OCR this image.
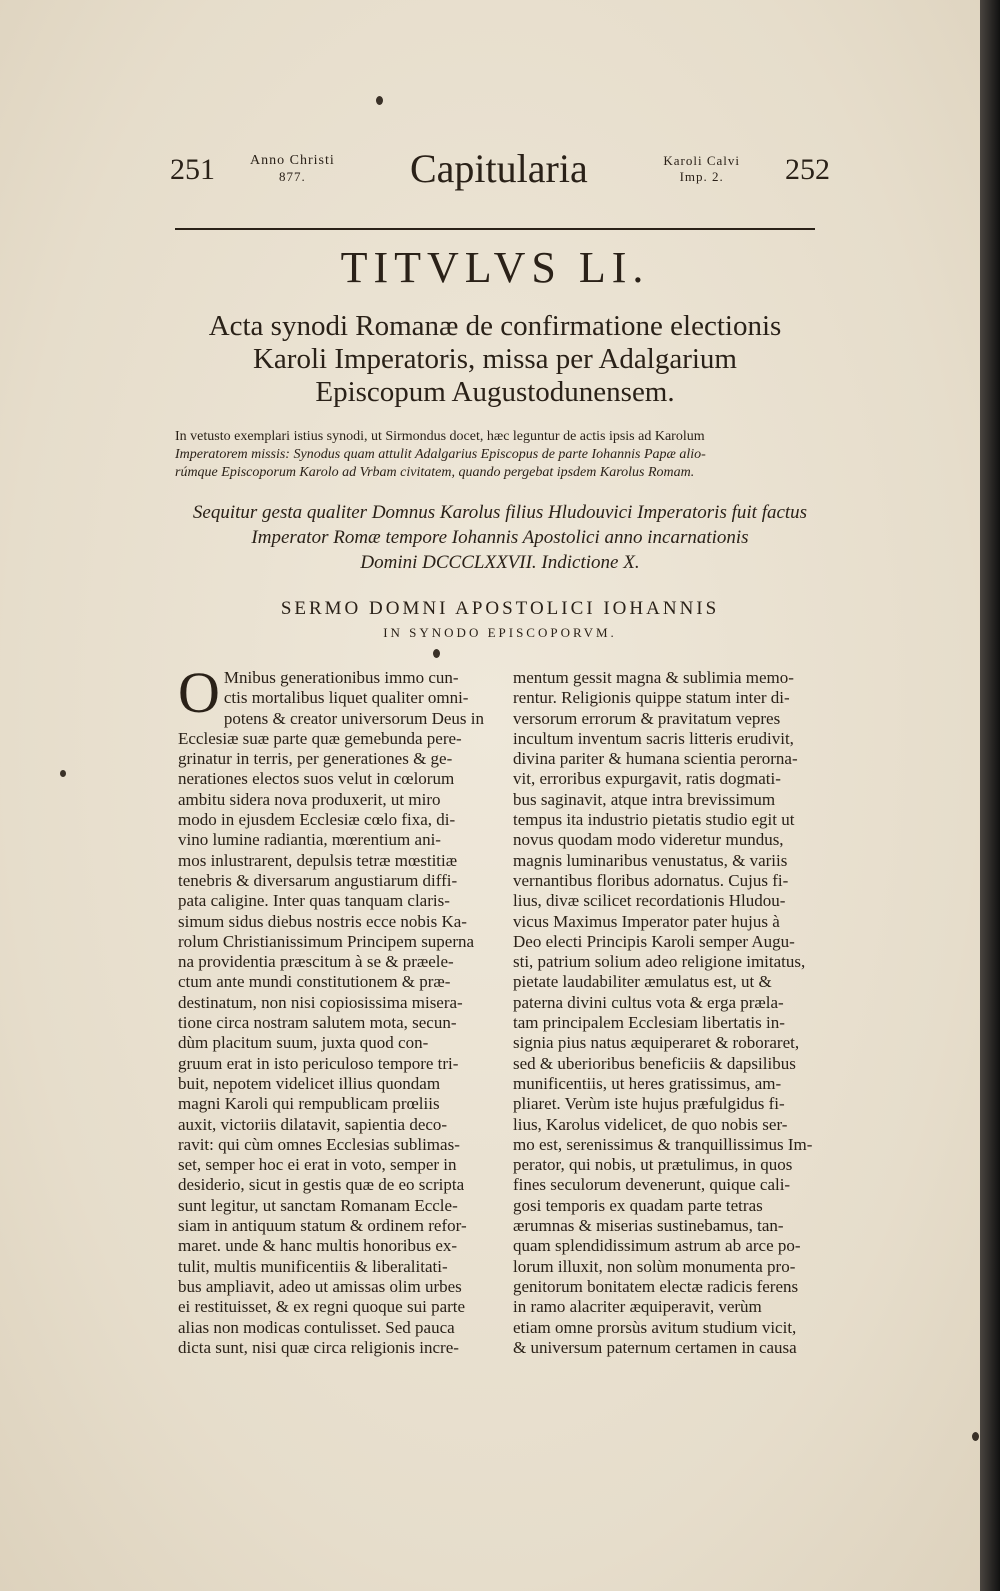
251	Anno Christi
877.	Capitularia	Karoli Calvi
Imp. 2.	252
TITVLVS LI.
Acta synodi Romanæ de confirmatione electionis
Karoli Imperatoris, missa per Adalgarium
Episcopum Augustodunensem.
In vetusto exemplari istius synodi, ut Sirmondus docet, hæc leguntur de actis ipsis ad Karolum
Imperatorem missis: Synodus quam attulit Adalgarius Episcopus de parte Iohannis Papæ alio-
rúmque Episcoporum Karolo ad Vrbam civitatem, quando pergebat ipsdem Karolus Romam.
Sequitur gesta qualiter Domnus Karolus filius Hludouvici Imperatoris fuit factus
Imperator Romæ tempore Iohannis Apostolici anno incarnationis
Domini DCCCLXXVII. Indictione X.
SERMO DOMNI APOSTOLICI IOHANNIS
IN SYNODO EPISCOPORVM.
O Mnibus generationibus immo cun-
ctis mortalibus liquet qualiter omni-
potens & creator universorum Deus in
Ecclesiæ suæ parte quæ gemebunda pere-
grinatur in terris, per generationes & ge-
nerationes electos suos velut in cœlorum
ambitu sidera nova produxerit, ut miro
modo in ejusdem Ecclesiæ cœlo fixa, di-
vino lumine radiantia, mœrentium ani-
mos inlustrarent, depulsis tetræ mœstitiæ
tenebris & diversarum angustiarum diffi-
pata caligine. Inter quas tanquam claris-
simum sidus diebus nostris ecce nobis Ka-
rolum Christianissimum Principem superna
na providentia præscitum à se & præele-
ctum ante mundi constitutionem & præ-
destinatum, non nisi copiosissima misera-
tione circa nostram salutem mota, secun-
dùm placitum suum, juxta quod con-
gruum erat in isto periculoso tempore tri-
buit, nepotem videlicet illius quondam
magni Karoli qui rempublicam prœliis
auxit, victoriis dilatavit, sapientia deco-
ravit: qui cùm omnes Ecclesias sublimas-
set, semper hoc ei erat in voto, semper in
desiderio, sicut in gestis quæ de eo scripta
sunt legitur, ut sanctam Romanam Eccle-
siam in antiquum statum & ordinem refor-
maret. unde & hanc multis honoribus ex-
tulit, multis munificentiis & liberalitati-
bus ampliavit, adeo ut amissas olim urbes
ei restituisset, & ex regni quoque sui parte
alias non modicas contulisset. Sed pauca
dicta sunt, nisi quæ circa religionis incre-
mentum gessit magna & sublimia memo-
rentur. Religionis quippe statum inter di-
versorum errorum & pravitatum vepres
incultum inventum sacris litteris erudivit,
divina pariter & humana scientia perorna-
vit, erroribus expurgavit, ratis dogmati-
bus saginavit, atque intra brevissimum
tempus ita industrio pietatis studio egit ut
novus quodam modo videretur mundus,
magnis luminaribus venustatus, & variis
vernantibus floribus adornatus. Cujus fi-
lius, divæ scilicet recordationis Hludou-
vicus Maximus Imperator pater hujus à
Deo electi Principis Karoli semper Augu-
sti, patrium solium adeo religione imitatus,
pietate laudabiliter æmulatus est, ut &
paterna divini cultus vota & erga præla-
tam principalem Ecclesiam libertatis in-
signia pius natus æquiperaret & roboraret,
sed & uberioribus beneficiis & dapsilibus
munificentiis, ut heres gratissimus, am-
pliaret. Verùm iste hujus præfulgidus fi-
lius, Karolus videlicet, de quo nobis ser-
mo est, serenissimus & tranquillissimus Im-
perator, qui nobis, ut prætulimus, in quos
fines seculorum devenerunt, quique cali-
gosi temporis ex quadam parte tetras
ærumnas & miserias sustinebamus, tan-
quam splendidissimum astrum ab arce po-
lorum illuxit, non solùm monumenta pro-
genitorum bonitatem electæ radicis ferens
in ramo alacriter æquiperavit, verùm
etiam omne prorsùs avitum studium vicit,
& universum paternum certamen in causa
